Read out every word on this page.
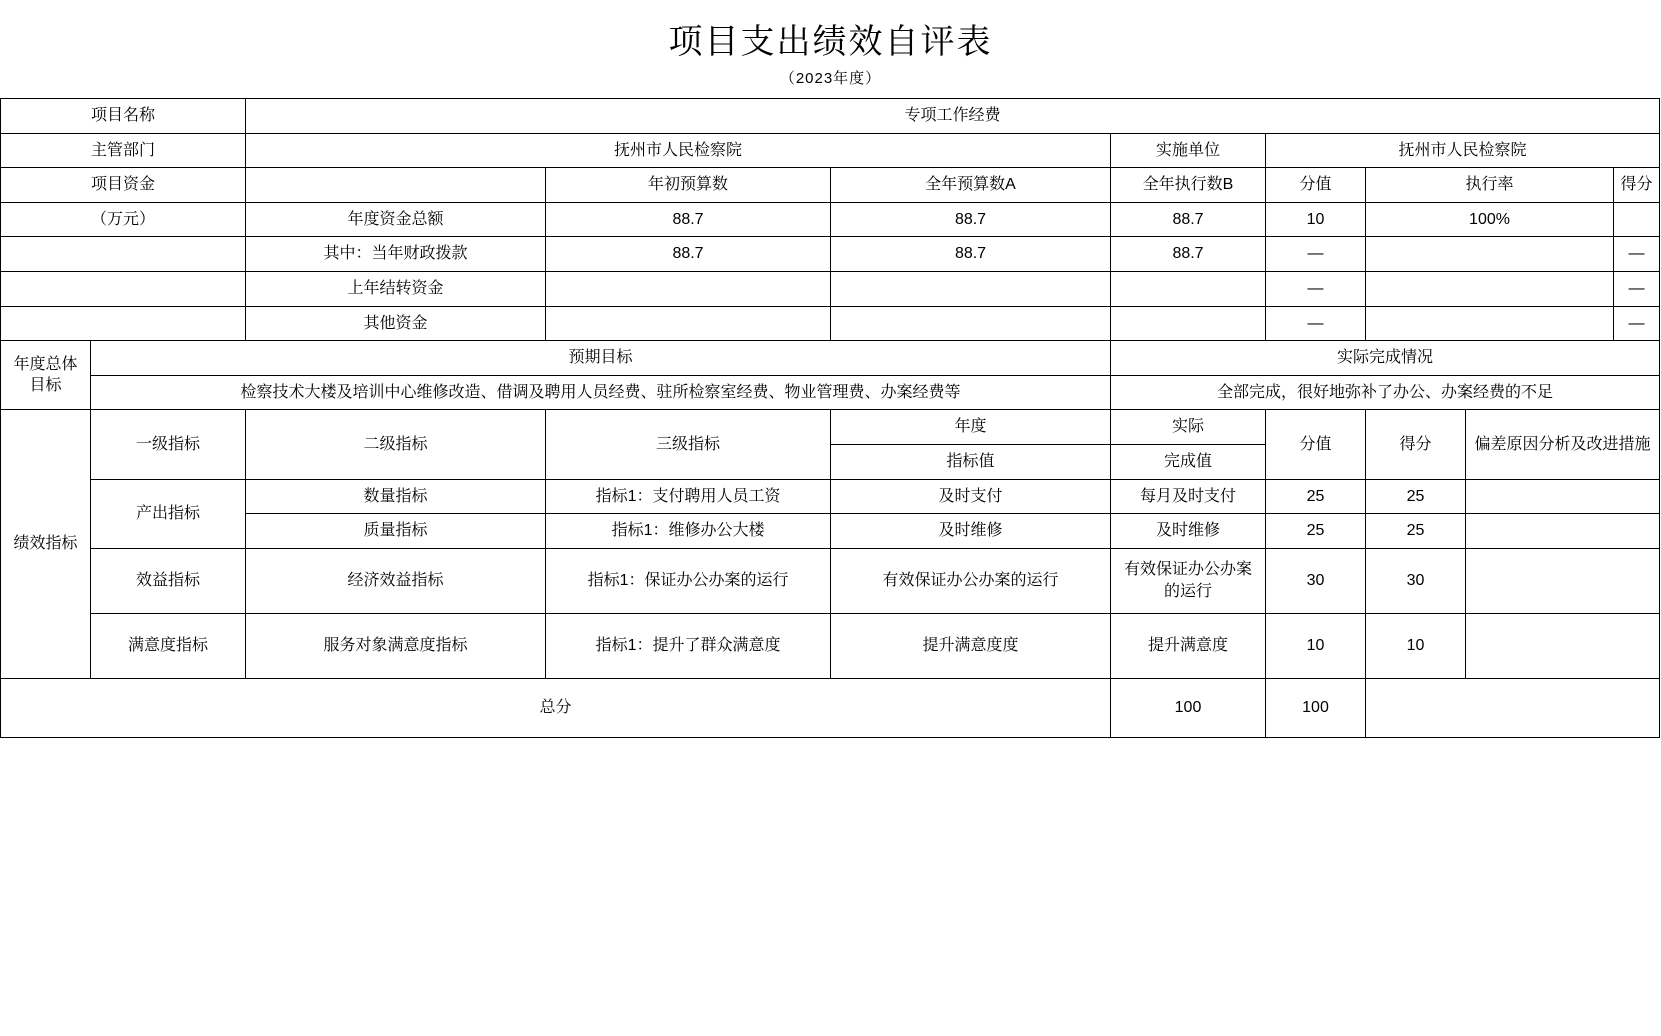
项目支出绩效自评表
（2023年度）
项目名称		专项工作经费							
主管部门		抚州市人民检察院			实施单位	抚州市人民检察院			
项目资金			年初预算数	全年预算数A	全年执行数B	分值	执行率		得分
（万元）		年度资金总额	88.7	88.7	88.7	10	100%		
		其中：当年财政拨款	88.7	88.7	88.7	—			—
		上年结转资金				—			—
		其他资金				—			—
年度总体目标	预期目标				实际完成情况				
	检察技术大楼及培训中心维修改造、借调及聘用人员经费、驻所检察室经费、物业管理费、办案经费等				全部完成，很好地弥补了办公、办案经费的不足				
绩效指标	一级指标	二级指标	三级指标	年度	实际	分值	得分	偏差原因分析及改进措施	
				指标值	完成值				
	产出指标	数量指标	指标1：支付聘用人员工资	及时支付	每月及时支付	25	25		
		质量指标	指标1：维修办公大楼	及时维修	及时维修	25	25		
	效益指标	经济效益指标	指标1：保证办公办案的运行	有效保证办公办案的运行	有效保证办公办案的运行	30	30		
	满意度指标	服务对象满意度指标	指标1：提升了群众满意度	提升满意度度	提升满意度	10	10		
总分					100	100			
